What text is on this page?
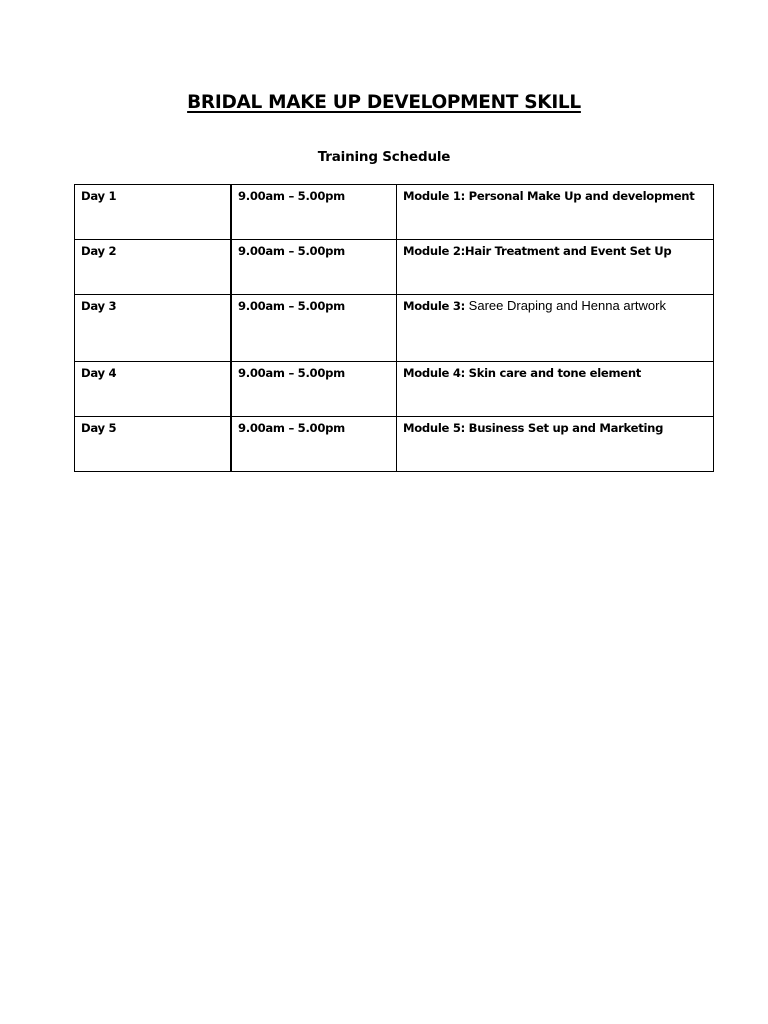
BRIDAL MAKE UP DEVELOPMENT SKILL
Training Schedule
Day 1	9.00am – 5.00pm	Module 1: Personal Make Up and development
Day 2	9.00am – 5.00pm	Module 2:Hair Treatment and Event Set Up
Day 3	9.00am – 5.00pm	Module 3: Saree Draping and Henna artwork
Day 4	9.00am – 5.00pm	Module 4: Skin care and tone element
Day 5	9.00am – 5.00pm	Module 5: Business Set up and Marketing
